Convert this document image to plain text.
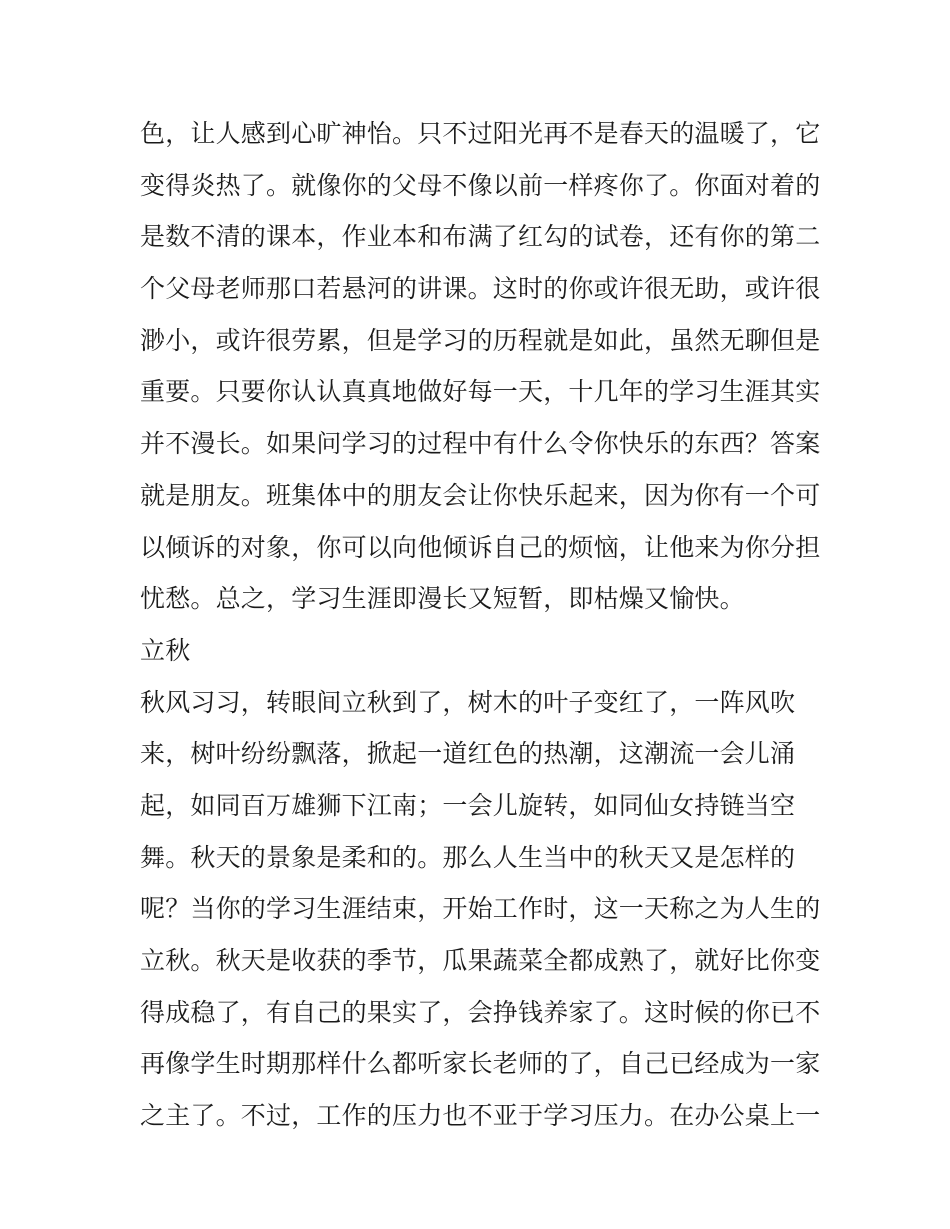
色，让人感到心旷神怡。只不过阳光再不是春天的温暖了，它
变得炎热了。就像你的父母不像以前一样疼你了。你面对着的
是数不清的课本，作业本和布满了红勾的试卷，还有你的第二
个父母老师那口若悬河的讲课。这时的你或许很无助，或许很
渺小，或许很劳累，但是学习的历程就是如此，虽然无聊但是
重要。只要你认认真真地做好每一天，十几年的学习生涯其实
并不漫长。如果问学习的过程中有什么令你快乐的东西？答案
就是朋友。班集体中的朋友会让你快乐起来，因为你有一个可
以倾诉的对象，你可以向他倾诉自己的烦恼，让他来为你分担
忧愁。总之，学习生涯即漫长又短暂，即枯燥又愉快。
立秋
秋风习习，转眼间立秋到了，树木的叶子变红了，一阵风吹
来，树叶纷纷飘落，掀起一道红色的热潮，这潮流一会儿涌
起，如同百万雄狮下江南；一会儿旋转，如同仙女持链当空
舞。秋天的景象是柔和的。那么人生当中的秋天又是怎样的
呢？当你的学习生涯结束，开始工作时，这一天称之为人生的
立秋。秋天是收获的季节，瓜果蔬菜全都成熟了，就好比你变
得成稳了，有自己的果实了，会挣钱养家了。这时候的你已不
再像学生时期那样什么都听家长老师的了，自己已经成为一家
之主了。不过，工作的压力也不亚于学习压力。在办公桌上一
